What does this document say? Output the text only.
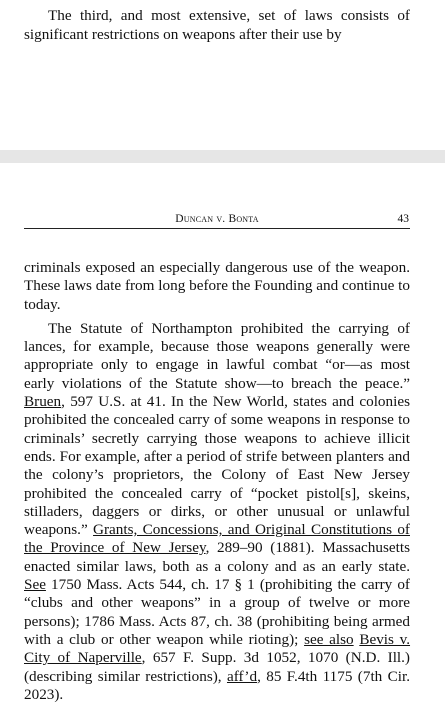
The third, and most extensive, set of laws consists of significant restrictions on weapons after their use by

Duncan v. Bonta	43

criminals exposed an especially dangerous use of the weapon. These laws date from long before the Founding and continue to today.

The Statute of Northampton prohibited the carrying of lances, for example, because those weapons generally were appropriate only to engage in lawful combat “or—as most early violations of the Statute show—to breach the peace.” Bruen, 597 U.S. at 41. In the New World, states and colonies prohibited the concealed carry of some weapons in response to criminals’ secretly carrying those weapons to achieve illicit ends. For example, after a period of strife between planters and the colony’s proprietors, the Colony of East New Jersey prohibited the concealed carry of “pocket pistol[s], skeins, stilladers, daggers or dirks, or other unusual or unlawful weapons.” Grants, Concessions, and Original Constitutions of the Province of New Jersey, 289–90 (1881). Massachusetts enacted similar laws, both as a colony and as an early state. See 1750 Mass. Acts 544, ch. 17 § 1 (prohibiting the carry of “clubs and other weapons” in a group of twelve or more persons); 1786 Mass. Acts 87, ch. 38 (prohibiting being armed with a club or other weapon while rioting); see also Bevis v. City of Naperville, 657 F. Supp. 3d 1052, 1070 (N.D. Ill.) (describing similar restrictions), aff’d, 85 F.4th 1175 (7th Cir. 2023).
